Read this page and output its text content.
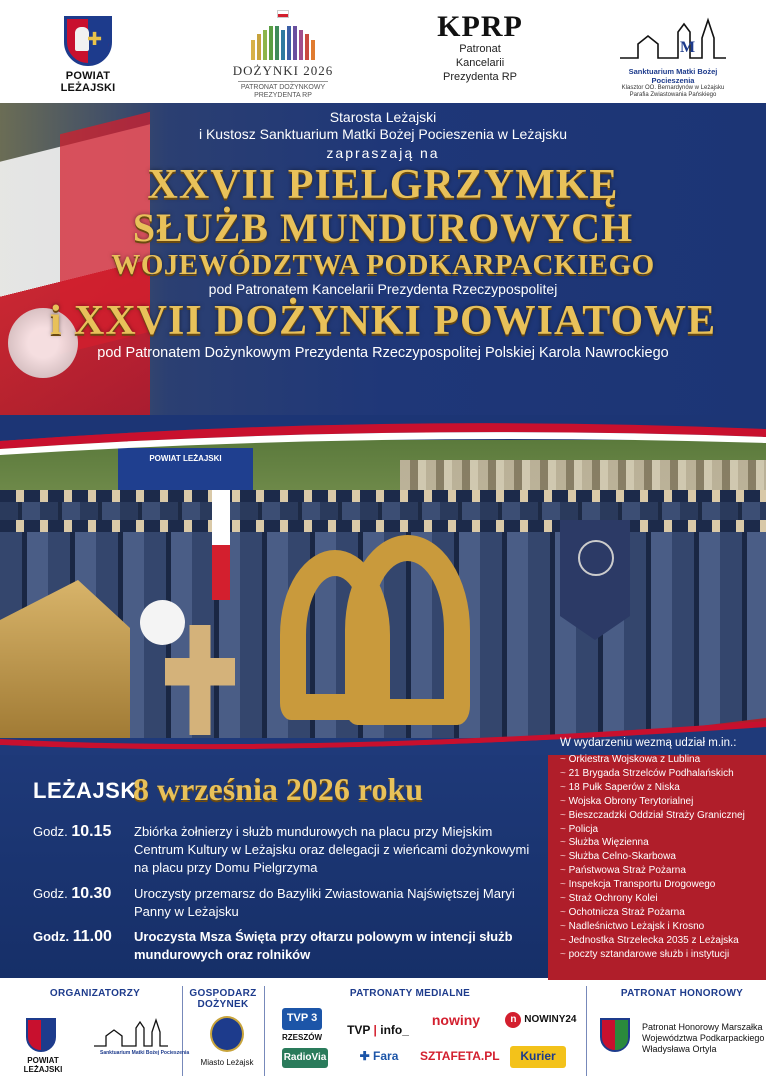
✚
POWIAT LEŻAJSKI
DOŻYNKI 2026
PATRONAT DOŻYNKOWY PREZYDENTA RP
KPRP
Patronat
Kancelarii
Prezydenta RP
M
Sanktuarium Matki Bożej Pocieszenia
Klasztor OO. Bernardynów w Leżajsku
Parafia Zwiastowania Pańskiego
Starosta Leżajski
i Kustosz Sanktuarium Matki Bożej Pocieszenia w Leżajsku
zapraszają na
XXVII PIELGRZYMKĘ
SŁUŻB MUNDUROWYCH
WOJEWÓDZTWA PODKARPACKIEGO
pod Patronatem Kancelarii Prezydenta Rzeczypospolitej
i XXVII DOŻYNKI POWIATOWE
pod Patronatem Dożynkowym Prezydenta Rzeczypospolitej Polskiej Karola Nawrockiego
POWIAT LEŻAJSKI
LEŻAJSK
8 września 2026 roku
Godz. 10.15	Zbiórka żołnierzy i służb mundurowych na placu przy Miejskim Centrum Kultury w Leżajsku oraz delegacji z wieńcami dożynkowymi na placu przy Domu Pielgrzyma
Godz. 10.30	Uroczysty przemarsz do Bazyliki Zwiastowania Najświętszej Maryi Panny w Leżajsku
Godz. 11.00	Uroczysta Msza Święta przy ołtarzu polowym w intencji służb mundurowych oraz rolników
W wydarzeniu wezmą udział m.in.:
~ Orkiestra Wojskowa z Lublina
~ 21 Brygada Strzelców Podhalańskich
~ 18 Pułk Saperów z Niska
~ Wojska Obrony Terytorialnej
~ Bieszczadzki Oddział Straży Granicznej
~ Policja
~ Służba Więzienna
~ Służba Celno-Skarbowa
~ Państwowa Straż Pożarna
~ Inspekcja Transportu Drogowego
~ Straż Ochrony Kolei
~ Ochotnicza Straż Pożarna
~ Nadleśnictwo Leżajsk i Krosno
~ Jednostka Strzelecka 2035 z Leżajska
~ poczty sztandarowe służb i instytucji
ORGANIZATORZY	GOSPODARZ
DOŻYNEK
PATRONATY MEDIALNE	PATRONAT HONOROWY
POWIAT LEŻAJSKI
Sanktuarium Matki Bożej Pocieszenia
Miasto Leżajsk
TVP 3
RZESZÓW
RadioVia
TVP | info_
✚ Fara
nowiny
SZTAFETA.PL
n NOWINY24
Kurier
Patronat Honorowy Marszałka
Województwa Podkarpackiego
Władysława Ortyla
